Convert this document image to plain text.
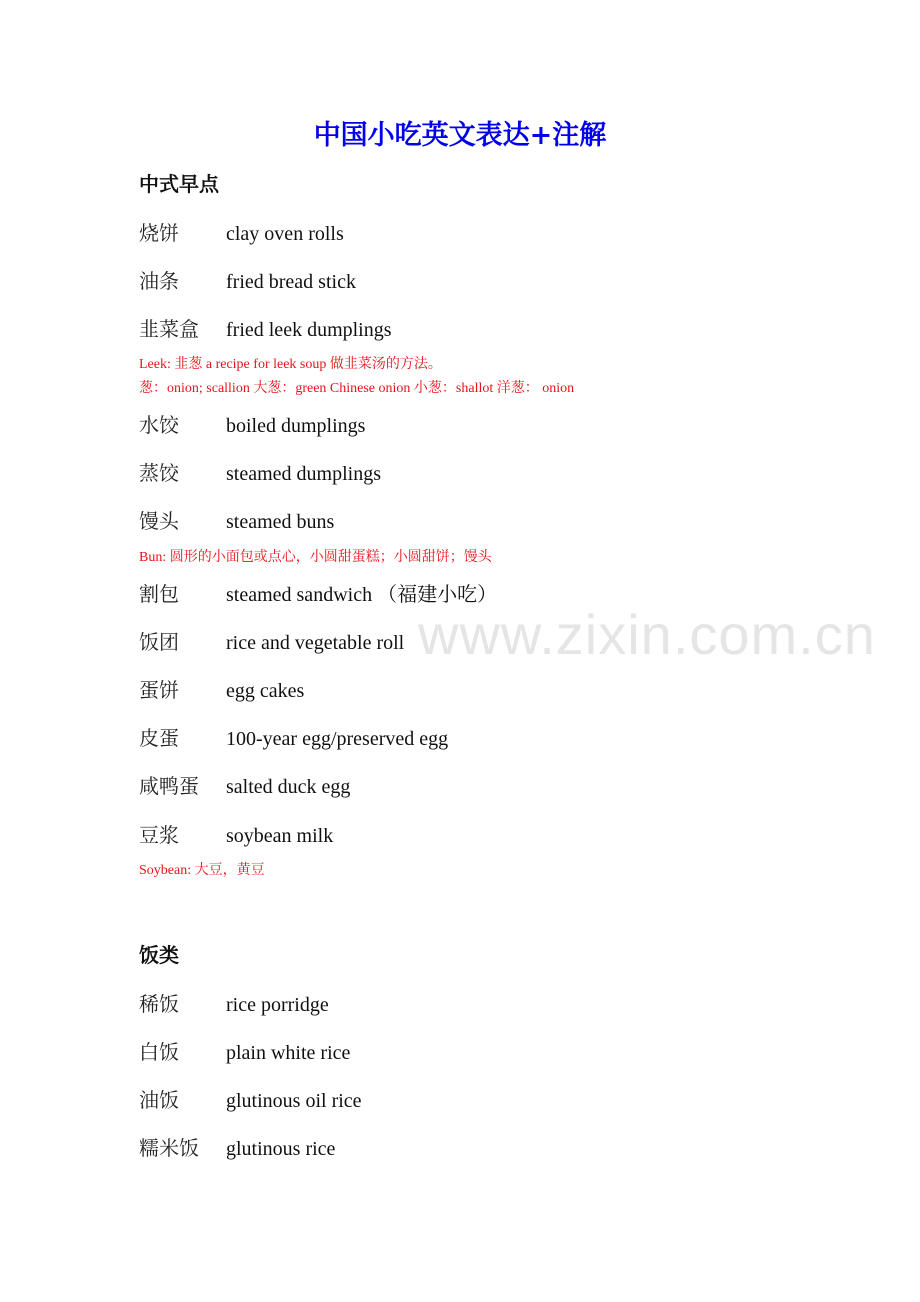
中国小吃英文表达+注解
中式早点
烧饼 clay oven rolls
油条 fried bread stick
韭菜盒 fried leek dumplings
Leek: 韭葱 a recipe for leek soup 做韭菜汤的方法。
葱：onion; scallion 大葱：green Chinese onion 小葱：shallot 洋葱： onion
水饺 boiled dumplings
蒸饺 steamed dumplings
馒头 steamed buns
Bun: 圆形的小面包或点心，小圆甜蛋糕；小圆甜饼；馒头
割包 steamed sandwich （福建小吃）
饭团 rice and vegetable roll
蛋饼 egg cakes
皮蛋 100-year egg/preserved egg
咸鸭蛋 salted duck egg
豆浆 soybean milk
Soybean: 大豆，黄豆
饭类
稀饭 rice porridge
白饭 plain white rice
油饭 glutinous oil rice
糯米饭 glutinous rice
www.zixin.com.cn
